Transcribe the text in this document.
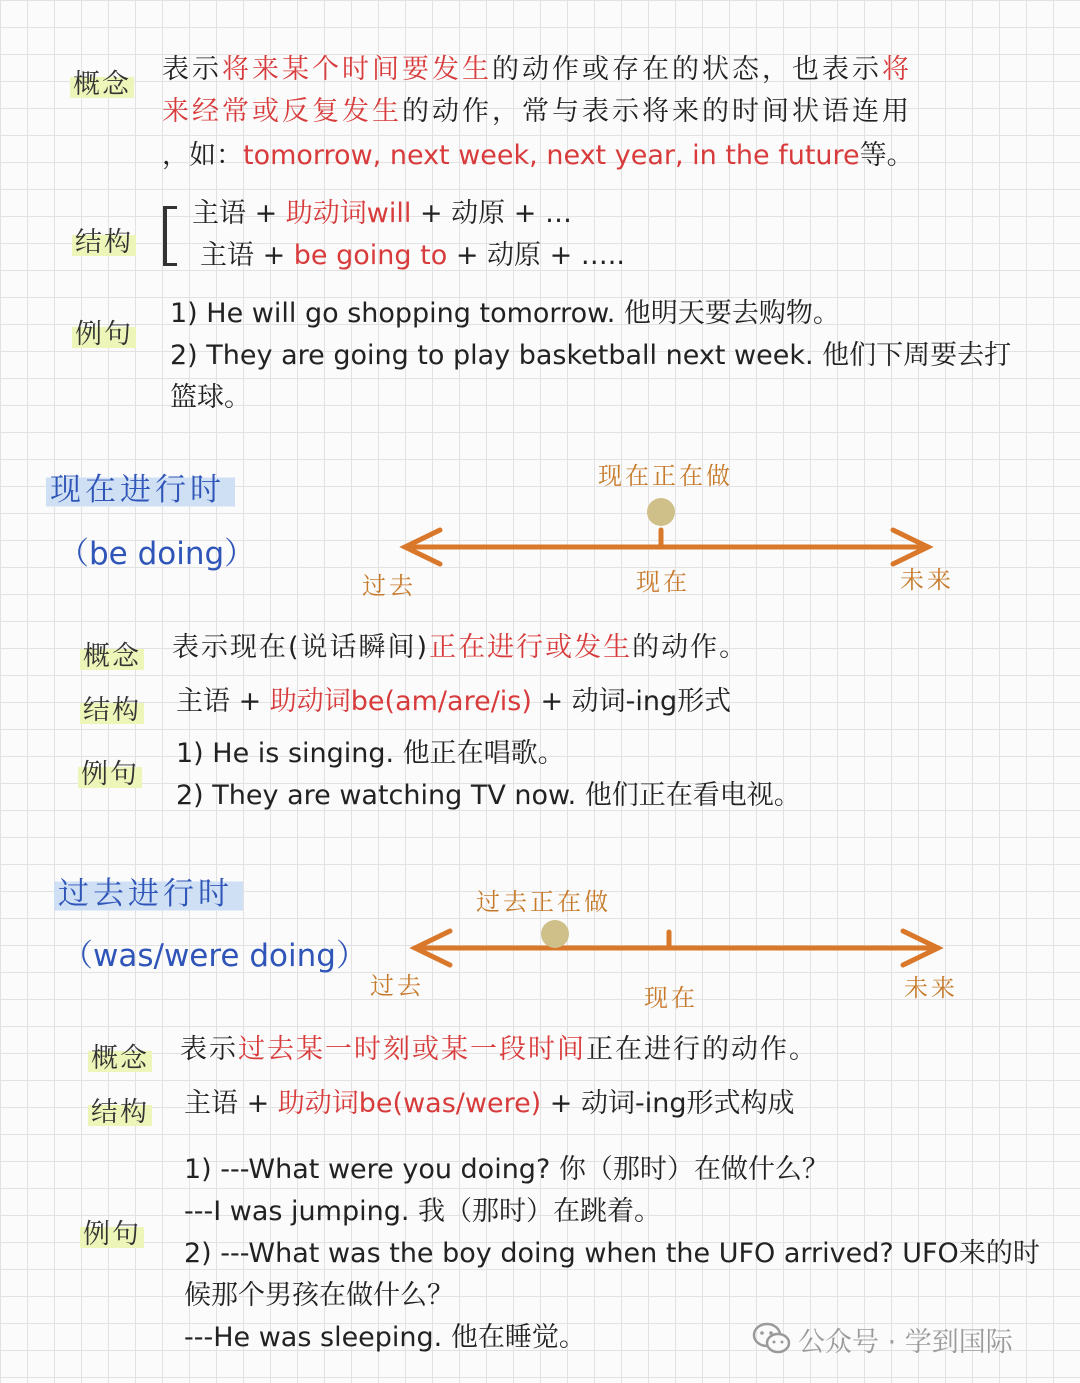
概念 表示将来某个时间要发生的动作或存在的状态，也表示将
来经常或反复发生的动作，常与表示将来的时间状语连用
，如：tomorrow, next week, next year, in the future等。
结构
主语 + 助动词will + 动原 + …
主语 + be going to + 动原 + …..
例句
1) He will go shopping tomorrow. 他明天要去购物。
2) They are going to play basketball next week. 他们下周要去打
篮球。
现在进行时
（be doing）
现在正在做
过去	现在	未来
概念 表示现在(说话瞬间)正在进行或发生的动作。
结构 主语 + 助动词be(am/are/is) + 动词-ing形式
例句
1) He is singing. 他正在唱歌。
2) They are watching TV now. 他们正在看电视。
过去进行时
（was/were doing）
过去正在做
过去	现在	未来
概念 表示过去某一时刻或某一段时间正在进行的动作。
结构 主语 + 助动词be(was/were) + 动词-ing形式构成
例句
1) ---What were you doing? 你（那时）在做什么？
---I was jumping. 我（那时）在跳着。
2) ---What was the boy doing when the UFO arrived? UFO来的时
候那个男孩在做什么？
---He was sleeping. 他在睡觉。	公众号 · 学到国际
